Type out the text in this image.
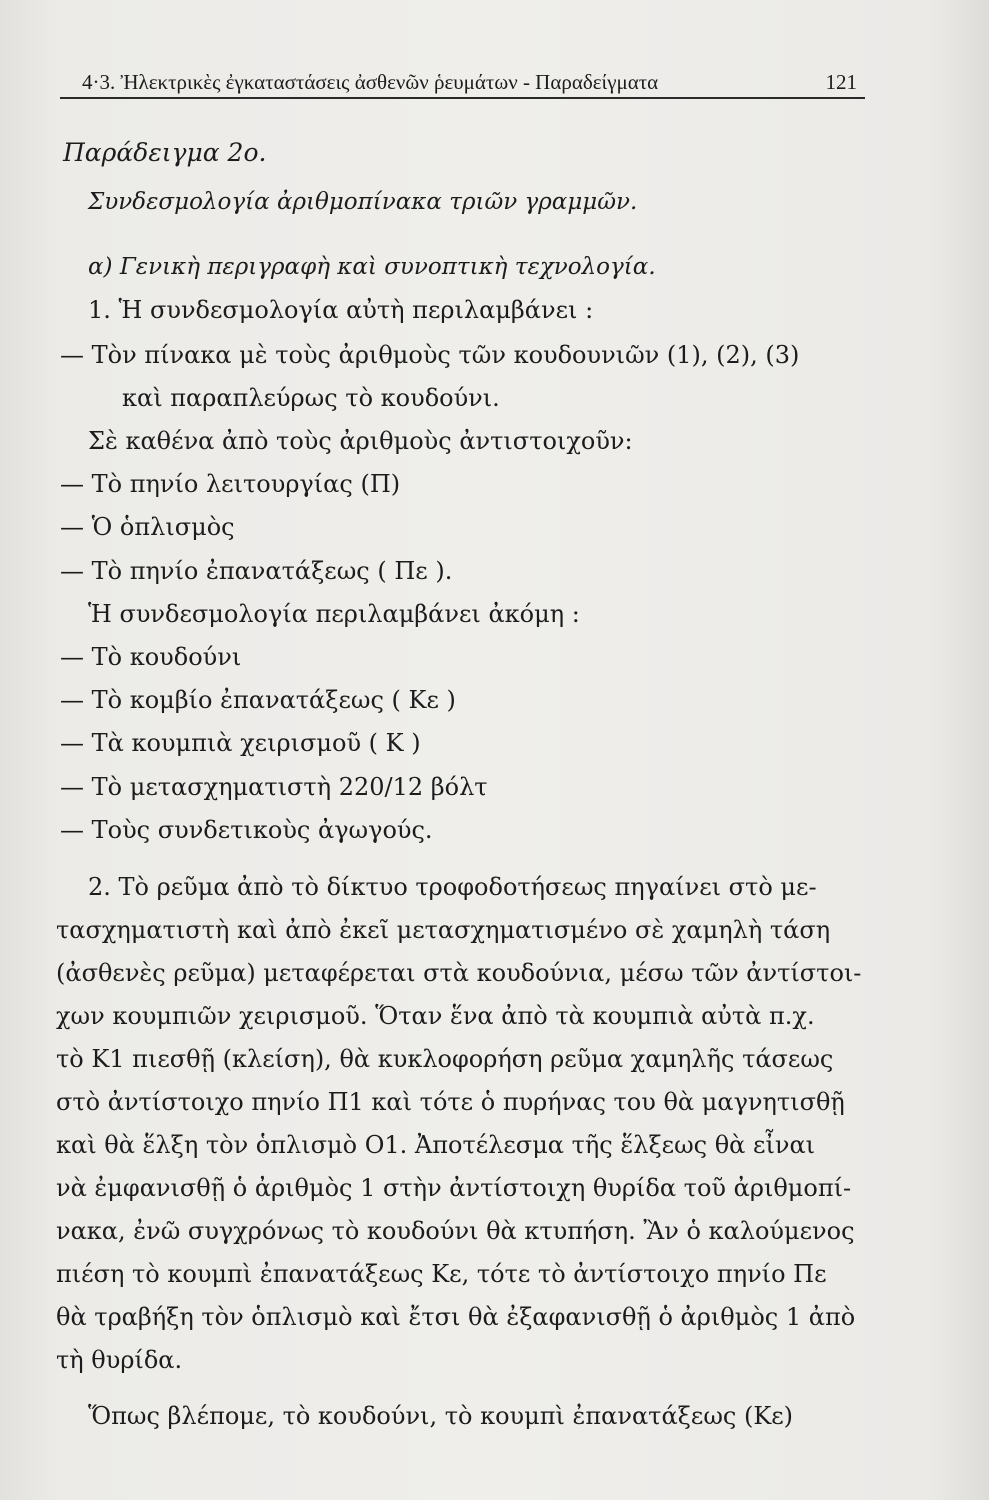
4·3. Ἠλεκτρικὲς ἐγκαταστάσεις ἀσθενῶν ῥευμάτων - Παραδείγματα	121
Παράδειγμα 2ο.
Συνδεσμολογία ἀριθμοπίνακα τριῶν γραμμῶν.
α) Γενικὴ περιγραφὴ καὶ συνοπτικὴ τεχνολογία.
1. Ἡ συνδεσμολογία αὐτὴ περιλαμβάνει :
— Τὸν πίνακα μὲ τοὺς ἀριθμοὺς τῶν κουδουνιῶν (1), (2), (3)
καὶ παραπλεύρως τὸ κουδούνι.
Σὲ καθένα ἀπὸ τοὺς ἀριθμοὺς ἀντιστοιχοῦν:
— Τὸ πηνίο λειτουργίας (Π)
— Ὁ ὁπλισμὸς
— Τὸ πηνίο ἐπανατάξεως ( Πε ).
Ἡ συνδεσμολογία περιλαμβάνει ἀκόμη :
— Τὸ κουδούνι
— Τὸ κομβίο ἐπανατάξεως ( Κε )
— Τὰ κουμπιὰ χειρισμοῦ ( Κ )
— Τὸ μετασχηματιστὴ 220/12 βόλτ
— Τοὺς συνδετικοὺς ἀγωγούς.
2. Τὸ ρεῦμα ἀπὸ τὸ δίκτυο τροφοδοτήσεως πηγαίνει στὸ με-
τασχηματιστὴ καὶ ἀπὸ ἐκεῖ μετασχηματισμένο σὲ χαμηλὴ τάση
(ἀσθενὲς ρεῦμα) μεταφέρεται στὰ κουδούνια, μέσω τῶν ἀντίστοι-
χων κουμπιῶν χειρισμοῦ. Ὅταν ἕνα ἀπὸ τὰ κουμπιὰ αὐτὰ π.χ.
τὸ Κ1 πιεσθῇ (κλείση), θὰ κυκλοφορήση ρεῦμα χαμηλῆς τάσεως
στὸ ἀντίστοιχο πηνίο Π1 καὶ τότε ὁ πυρήνας του θὰ μαγνητισθῇ
καὶ θὰ ἕλξη τὸν ὁπλισμὸ Ο1. Ἀποτέλεσμα τῆς ἕλξεως θὰ εἶναι
νὰ ἐμφανισθῇ ὁ ἀριθμὸς 1 στὴν ἀντίστοιχη θυρίδα τοῦ ἀριθμοπί-
νακα, ἐνῶ συγχρόνως τὸ κουδούνι θὰ κτυπήση. Ἂν ὁ καλούμενος
πιέση τὸ κουμπὶ ἐπανατάξεως Κε, τότε τὸ ἀντίστοιχο πηνίο Πε
θὰ τραβήξη τὸν ὁπλισμὸ καὶ ἔτσι θὰ ἐξαφανισθῇ ὁ ἀριθμὸς 1 ἀπὸ
τὴ θυρίδα.
Ὅπως βλέπομε, τὸ κουδούνι, τὸ κουμπὶ ἐπανατάξεως (Κε)
